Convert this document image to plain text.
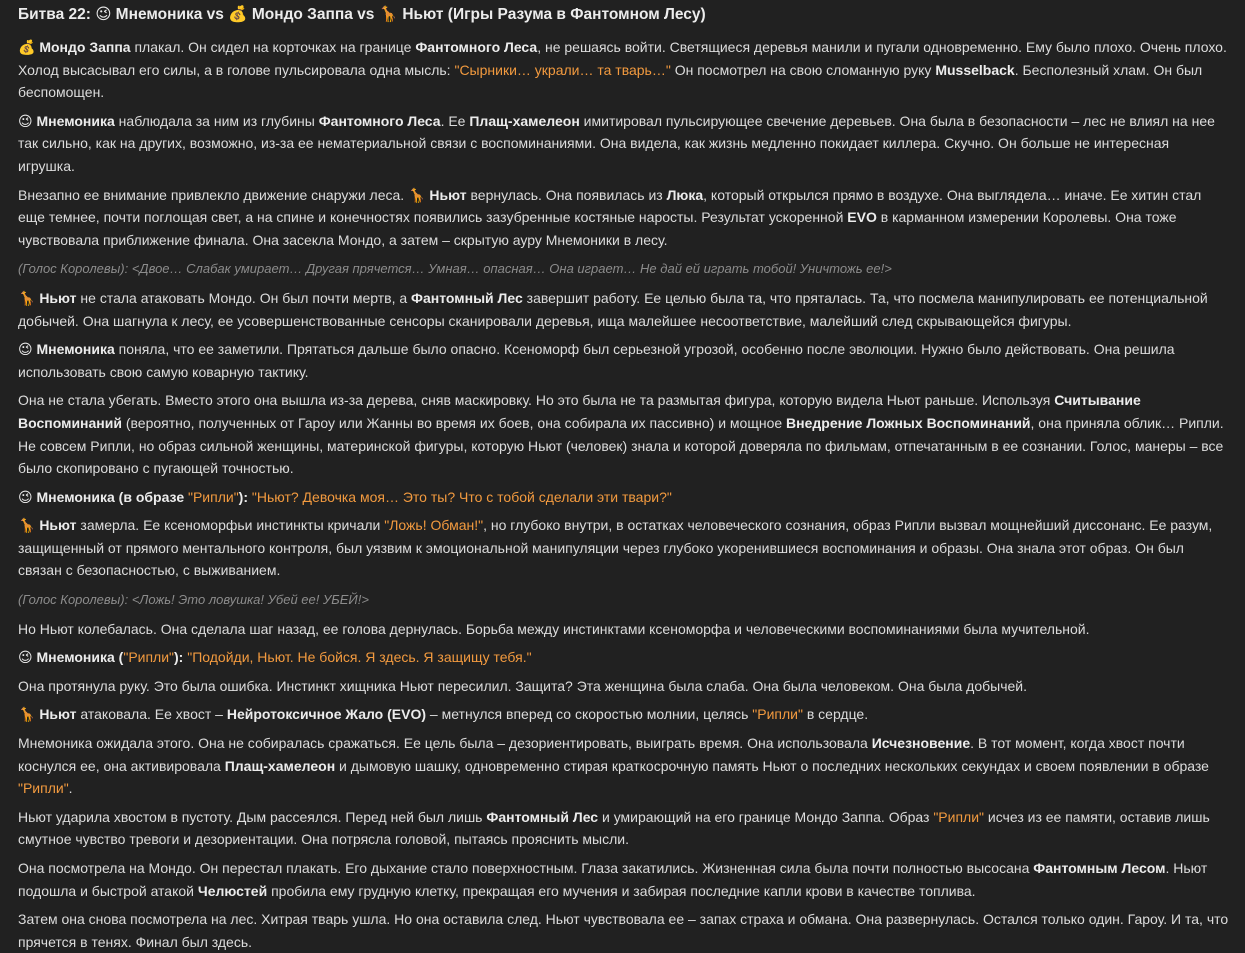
Битва 22: 😉 Мнемоника vs 💰 Мондо Заппа vs 🦒 Ньют (Игры Разума в Фантомном Лесу)
💰 Мондо Заппа плакал. Он сидел на корточках на границе Фантомного Леса, не решаясь войти. Светящиеся деревья манили и пугали одновременно. Ему было плохо. Очень плохо. Холод высасывал его силы, а в голове пульсировала одна мысль: "Сырники… украли… та тварь…" Он посмотрел на свою сломанную руку Musselback. Бесполезный хлам. Он был беспомощен.
😉 Мнемоника наблюдала за ним из глубины Фантомного Леса. Ее Плащ-хамелеон имитировал пульсирующее свечение деревьев. Она была в безопасности – лес не влиял на нее так сильно, как на других, возможно, из-за ее нематериальной связи с воспоминаниями. Она видела, как жизнь медленно покидает киллера. Скучно. Он больше не интересная игрушка.
Внезапно ее внимание привлекло движение снаружи леса. 🦒 Ньют вернулась. Она появилась из Люка, который открылся прямо в воздухе. Она выглядела… иначе. Ее хитин стал еще темнее, почти поглощая свет, а на спине и конечностях появились зазубренные костяные наросты. Результат ускоренной EVO в карманном измерении Королевы. Она тоже чувствовала приближение финала. Она засекла Мондо, а затем – скрытую ауру Мнемоники в лесу.
(Голос Королевы): <Двое… Слабак умирает… Другая прячется… Умная… опасная… Она играет… Не дай ей играть тобой! Уничтожь ее!>
🦒 Ньют не стала атаковать Мондо. Он был почти мертв, а Фантомный Лес завершит работу. Ее целью была та, что пряталась. Та, что посмела манипулировать ее потенциальной добычей. Она шагнула к лесу, ее усовершенствованные сенсоры сканировали деревья, ища малейшее несоответствие, малейший след скрывающейся фигуры.
😉 Мнемоника поняла, что ее заметили. Прятаться дальше было опасно. Ксеноморф был серьезной угрозой, особенно после эволюции. Нужно было действовать. Она решила использовать свою самую коварную тактику.
Она не стала убегать. Вместо этого она вышла из-за дерева, сняв маскировку. Но это была не та размытая фигура, которую видела Ньют раньше. Используя Считывание Воспоминаний (вероятно, полученных от Гароу или Жанны во время их боев, она собирала их пассивно) и мощное Внедрение Ложных Воспоминаний, она приняла облик… Рипли. Не совсем Рипли, но образ сильной женщины, материнской фигуры, которую Ньют (человек) знала и которой доверяла по фильмам, отпечатанным в ее сознании. Голос, манеры – все было скопировано с пугающей точностью.
😉 Мнемоника (в образе "Рипли"): "Ньют? Девочка моя… Это ты? Что с тобой сделали эти твари?"
🦒 Ньют замерла. Ее ксеноморфьи инстинкты кричали "Ложь! Обман!", но глубоко внутри, в остатках человеческого сознания, образ Рипли вызвал мощнейший диссонанс. Ее разум, защищенный от прямого ментального контроля, был уязвим к эмоциональной манипуляции через глубоко укоренившиеся воспоминания и образы. Она знала этот образ. Он был связан с безопасностью, с выживанием.
(Голос Королевы): <Ложь! Это ловушка! Убей ее! УБЕЙ!>
Но Ньют колебалась. Она сделала шаг назад, ее голова дернулась. Борьба между инстинктами ксеноморфа и человеческими воспоминаниями была мучительной.
😉 Мнемоника ("Рипли"): "Подойди, Ньют. Не бойся. Я здесь. Я защищу тебя."
Она протянула руку. Это была ошибка. Инстинкт хищника Ньют пересилил. Защита? Эта женщина была слаба. Она была человеком. Она была добычей.
🦒 Ньют атаковала. Ее хвост – Нейротоксичное Жало (EVO) – метнулся вперед со скоростью молнии, целясь "Рипли" в сердце.
Мнемоника ожидала этого. Она не собиралась сражаться. Ее цель была – дезориентировать, выиграть время. Она использовала Исчезновение. В тот момент, когда хвост почти коснулся ее, она активировала Плащ-хамелеон и дымовую шашку, одновременно стирая краткосрочную память Ньют о последних нескольких секундах и своем появлении в образе "Рипли".
Ньют ударила хвостом в пустоту. Дым рассеялся. Перед ней был лишь Фантомный Лес и умирающий на его границе Мондо Заппа. Образ "Рипли" исчез из ее памяти, оставив лишь смутное чувство тревоги и дезориентации. Она потрясла головой, пытаясь прояснить мысли.
Она посмотрела на Мондо. Он перестал плакать. Его дыхание стало поверхностным. Глаза закатились. Жизненная сила была почти полностью высосана Фантомным Лесом. Ньют подошла и быстрой атакой Челюстей пробила ему грудную клетку, прекращая его мучения и забирая последние капли крови в качестве топлива.
Затем она снова посмотрела на лес. Хитрая тварь ушла. Но она оставила след. Ньют чувствовала ее – запах страха и обмана. Она развернулась. Остался только один. Гароу. И та, что прячется в тенях. Финал был здесь.
